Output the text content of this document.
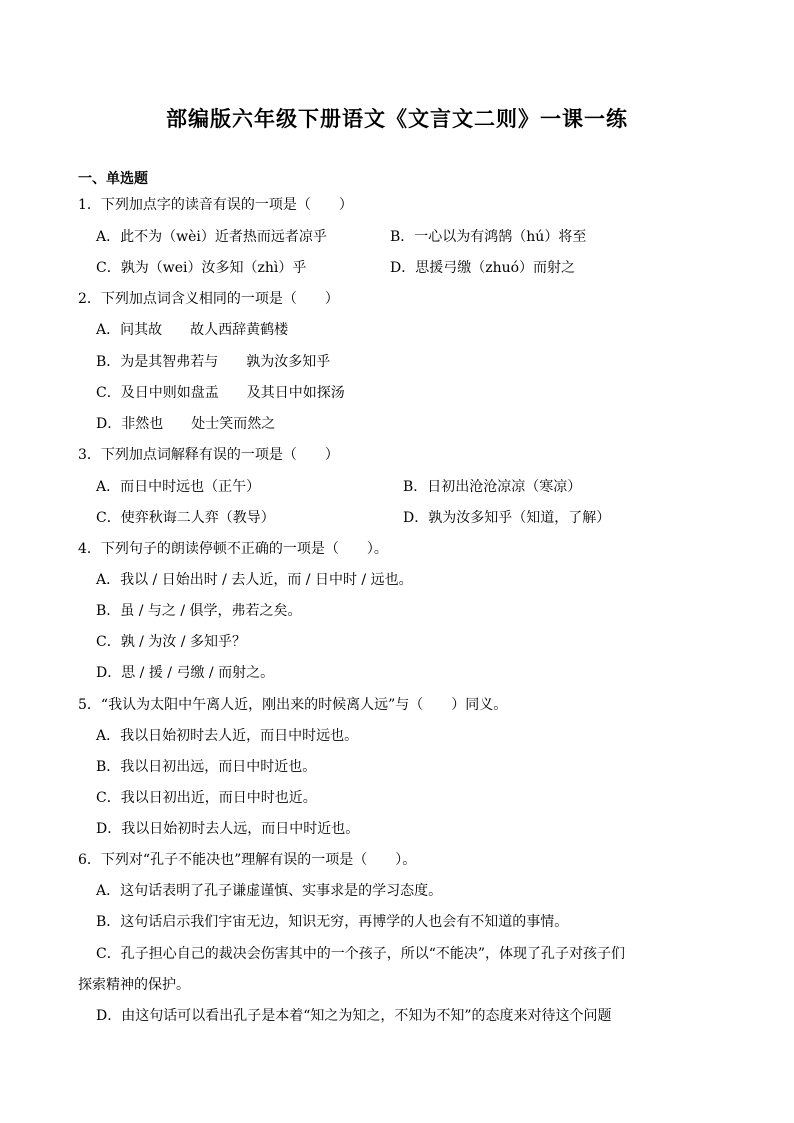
部编版六年级下册语文《文言文二则》一课一练
一、单选题
1．下列加点字的读音有误的一项是（　　）
A．此不为（wèi）近者热而远者凉乎	B．一心以为有鸿鹄（hú）将至
C．孰为（wei）汝多知（zhì）乎	D．思援弓缴（zhuó）而射之
2．下列加点词含义相同的一项是（　　）
A．问其故　　故人西辞黄鹤楼
B．为是其智弗若与　　孰为汝多知乎
C．及日中则如盘盂　　及其日中如探汤
D．非然也　　处士笑而然之
3．下列加点词解释有误的一项是（　　）
A．而日中时远也（正午）	B．日初出沧沧凉凉（寒凉）
C．使弈秋诲二人弈（教导）	D．孰为汝多知乎（知道，了解）
4．下列句子的朗读停顿不正确的一项是（　　）。
A．我以 / 日始出时 / 去人近，而 / 日中时 / 远也。
B．虽 / 与之 / 俱学，弗若之矣。
C．孰 / 为汝 / 多知乎？
D．思 / 援 / 弓缴 / 而射之。
5．“我认为太阳中午离人近，刚出来的时候离人远”与（　　）同义。
A．我以日始初时去人近，而日中时远也。
B．我以日初出远，而日中时近也。
C．我以日初出近，而日中时也近。
D．我以日始初时去人远，而日中时近也。
6．下列对“孔子不能决也”理解有误的一项是（　　）。
A．这句话表明了孔子谦虚谨慎、实事求是的学习态度。
B．这句话启示我们宇宙无边，知识无穷，再博学的人也会有不知道的事情。
C．孔子担心自己的裁决会伤害其中的一个孩子，所以“不能决”，体现了孔子对孩子们
探索精神的保护。
D．由这句话可以看出孔子是本着“知之为知之，不知为不知”的态度来对待这个问题
